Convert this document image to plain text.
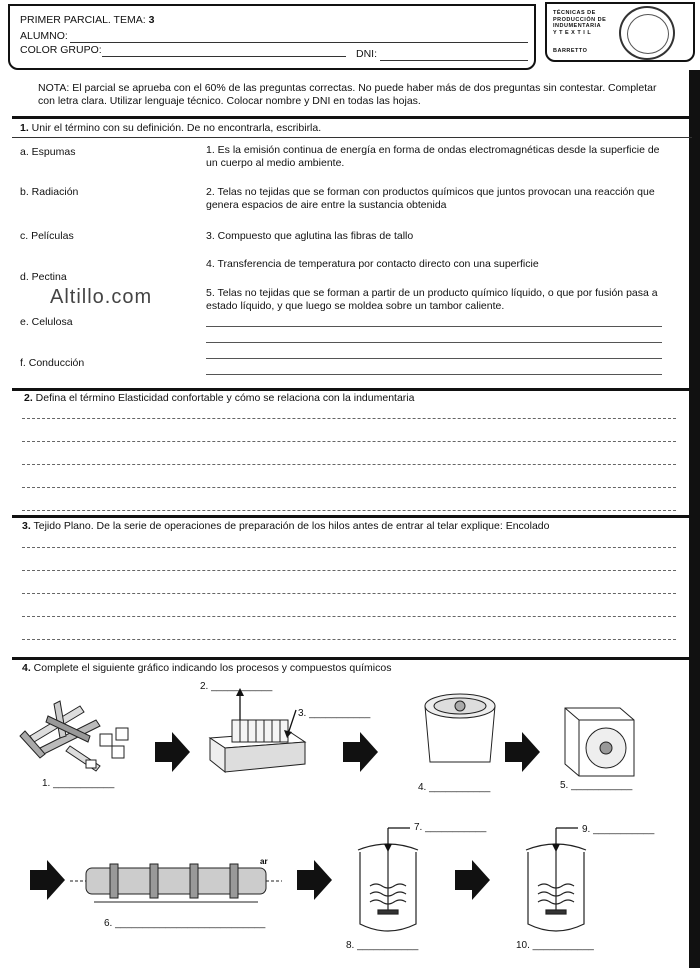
PRIMER PARCIAL. TEMA: 3
ALUMNO:
COLOR GRUPO:	DNI:
TÉCNICAS DE
PRODUCCIÓN DE
INDUMENTARIA
Y T E X T I L
BARRETTO
NOTA: El parcial se aprueba con el 60% de las preguntas correctas. No puede haber más de dos preguntas sin contestar. Completar con letra clara. Utilizar lenguaje técnico. Colocar nombre y DNI en todas las hojas.
1. Unir el término con su definición. De no encontrarla, escribirla.
a. Espumas
b. Radiación
c. Películas
d. Pectina
e. Celulosa
f. Conducción
1. Es la emisión continua de energía en forma de ondas electromagnéticas desde la superficie de un cuerpo al medio ambiente.
2. Telas no tejidas que se forman con productos químicos que juntos provocan una reacción que genera espacios de aire entre la sustancia obtenida
3. Compuesto que aglutina las fibras de tallo
4. Transferencia de temperatura por contacto directo con una superficie
5. Telas no tejidas que se forman a partir de un producto químico líquido, o que por fusión pasa a estado líquido, y que luego se moldea sobre un tambor caliente.
Altillo.com
2. Defina el término Elasticidad confortable y cómo se relaciona con la indumentaria
3. Tejido Plano. De la serie de operaciones de preparación de los hilos antes de entrar al telar explique: Encolado
4. Complete el siguiente gráfico indicando los procesos y compuestos químicos
ar
1. ___________
2. ___________
3. ___________
4. ___________	5. ___________
6. ___________________________
7. ___________
8. ___________
9. ___________
10. ___________
